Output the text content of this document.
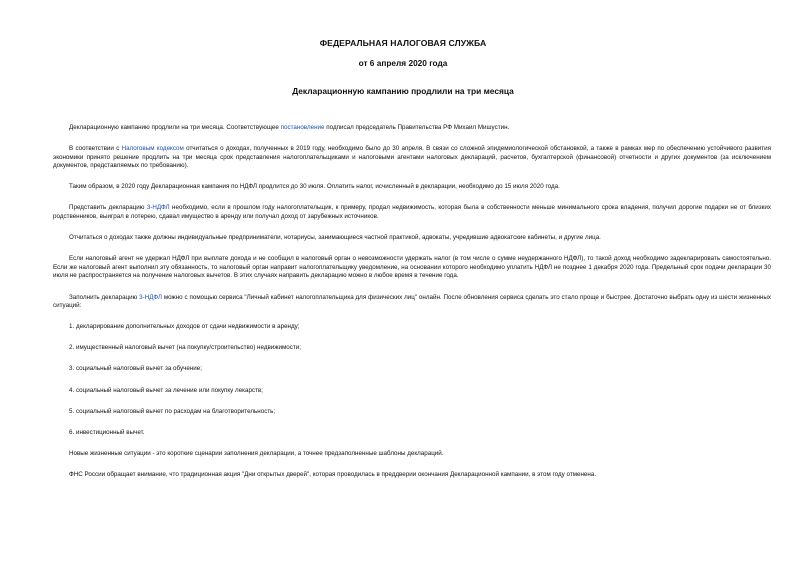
ФЕДЕРАЛЬНАЯ НАЛОГОВАЯ СЛУЖБА
от 6 апреля 2020 года
Декларационную кампанию продлили на три месяца

Декларационную кампанию продлили на три месяца. Соответствующее постановление подписал председатель Правительства РФ Михаил Мишустин.

В соответствии с Налоговым кодексом отчитаться о доходах, полученных в 2019 году, необходимо было до 30 апреля. В связи со сложной эпидемиологической обстановкой, а также в рамках мер по обеспечению устойчивого развития экономики принято решение продлить на три месяца срок представления налогоплательщиками и налоговыми агентами налоговых деклараций, расчетов, бухгалтерской (финансовой) отчетности и других документов (за исключением документов, представляемых по требованию).

Таким образом, в 2020 году Декларационная кампания по НДФЛ продлится до 30 июля. Оплатить налог, исчисленный в декларации, необходимо до 15 июля 2020 года.

Представить декларацию 3-НДФЛ необходимо, если в прошлом году налогоплательщик, к примеру, продал недвижимость, которая была в собственности меньше минимального срока владения, получил дорогие подарки не от близких родственников, выиграл в лотерею, сдавал имущество в аренду или получал доход от зарубежных источников.

Отчитаться о доходах также должны индивидуальные предприниматели, нотариусы, занимающиеся частной практикой, адвокаты, учредившие адвокатские кабинеты, и другие лица.

Если налоговый агент не удержал НДФЛ при выплате дохода и не сообщил в налоговый орган о невозможности удержать налог (в том числе о сумме неудержанного НДФЛ), то такой доход необходимо задекларировать самостоятельно. Если же налоговый агент выполнил эту обязанность, то налоговый орган направит налогоплательщику уведомление, на основании которого необходимо уплатить НДФЛ не позднее 1 декабря 2020 года. Предельный срок подачи декларации 30 июля не распространяется на получение налоговых вычетов. В этих случаях направить декларацию можно в любое время в течение года.

Заполнить декларацию 3-НДФЛ можно с помощью сервиса "Личный кабинет налогоплательщика для физических лиц" онлайн. После обновления сервиса сделать это стало проще и быстрее. Достаточно выбрать одну из шести жизненных ситуаций:

1. декларирование дополнительных доходов от сдачи недвижимости в аренду;

2. имущественный налоговый вычет (на покупку/строительство) недвижимости;

3. социальный налоговый вычет за обучение;

4. социальный налоговый вычет за лечение или покупку лекарств;

5. социальный налоговый вычет по расходам на благотворительность;

6. инвестиционный вычет.

Новые жизненные ситуации - это короткие сценарии заполнения декларации, а точнее предзаполненные шаблоны деклараций.

ФНС России обращает внимание, что традиционная акция "Дни открытых дверей", которая проводилась в преддверии окончания Декларационной кампании, в этом году отменена.
